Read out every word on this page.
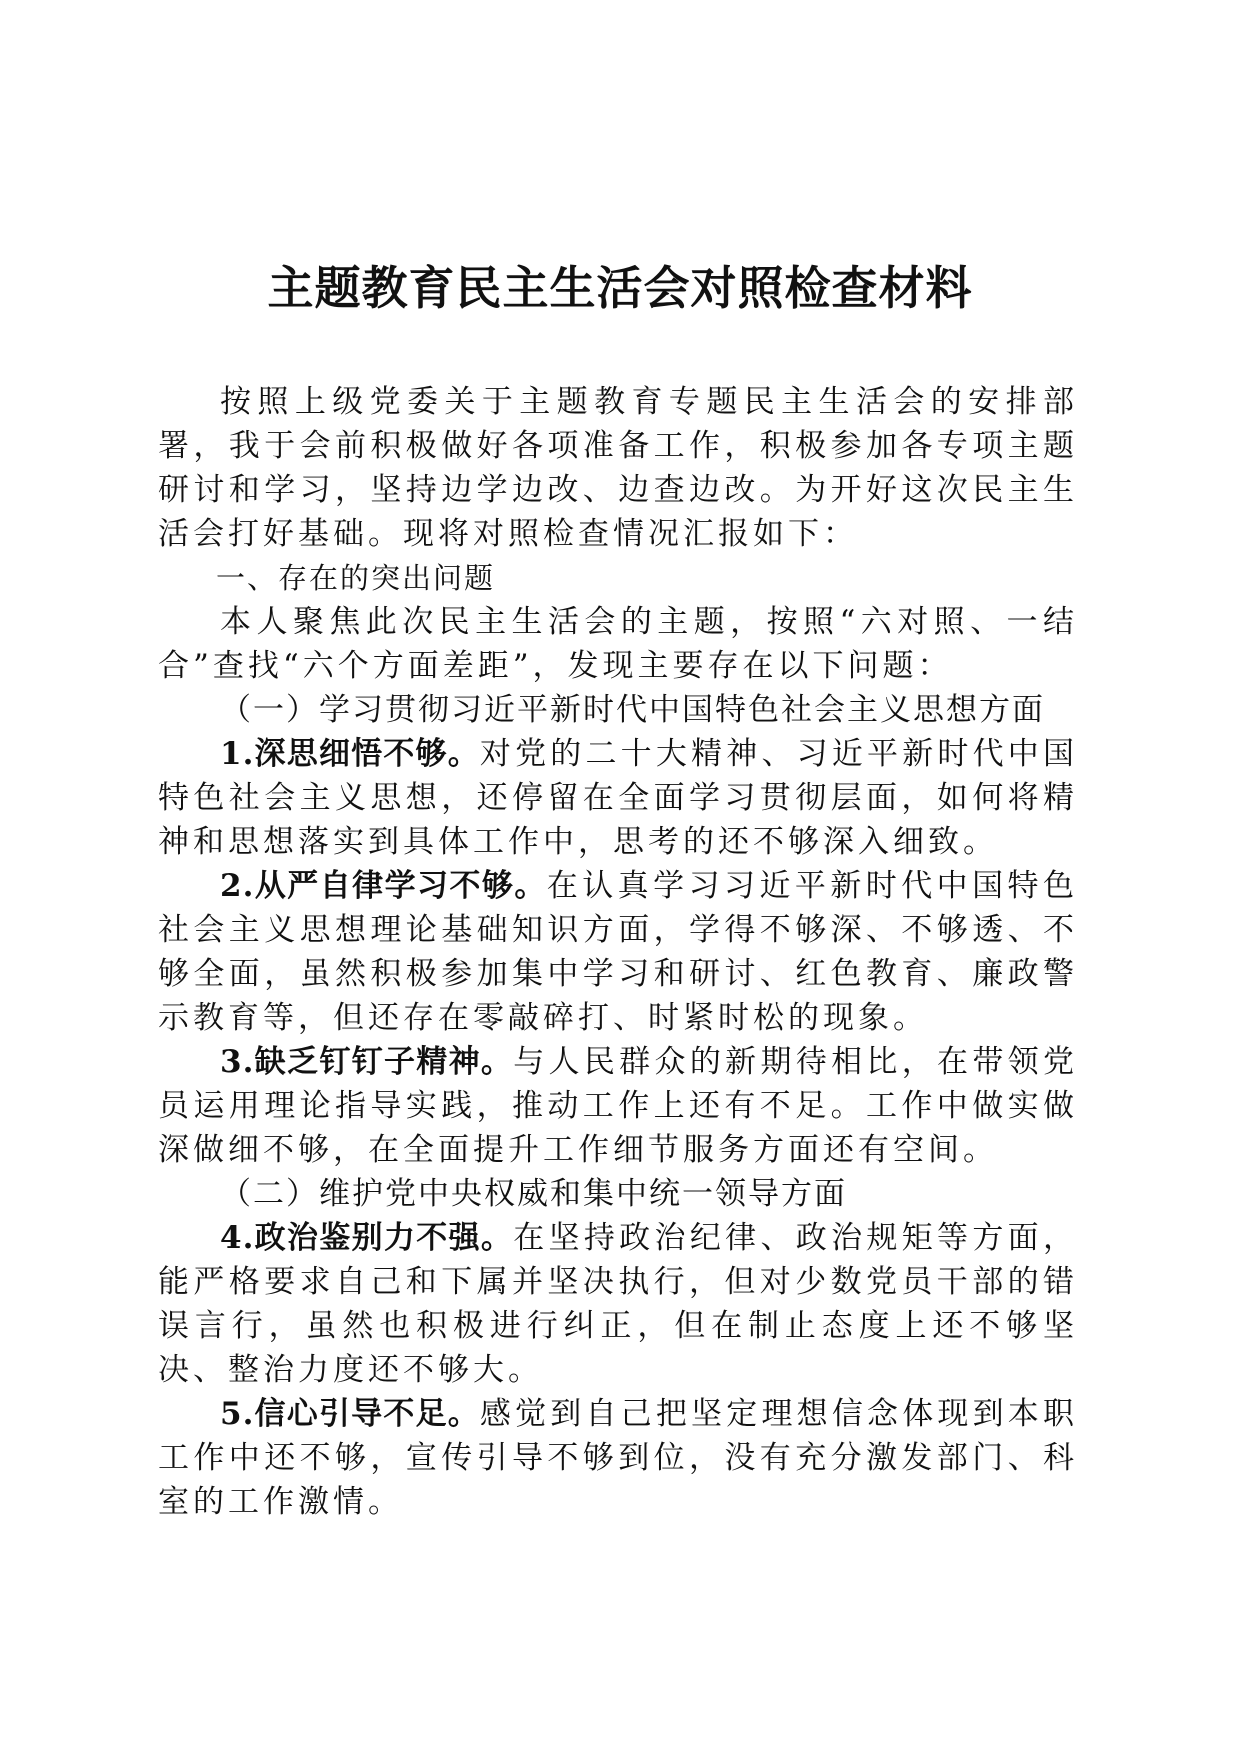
主题教育民主生活会对照检查材料

按照上级党委关于主题教育专题民主生活会的安排部署，我于会前积极做好各项准备工作，积极参加各专项主题研讨和学习，坚持边学边改、边查边改。为开好这次民主生活会打好基础。现将对照检查情况汇报如下：

一、存在的突出问题

本人聚焦此次民主生活会的主题，按照“六对照、一结合”查找“六个方面差距”，发现主要存在以下问题：

（一）学习贯彻习近平新时代中国特色社会主义思想方面

1.深思细悟不够。对党的二十大精神、习近平新时代中国特色社会主义思想，还停留在全面学习贯彻层面，如何将精神和思想落实到具体工作中，思考的还不够深入细致。

2.从严自律学习不够。在认真学习习近平新时代中国特色社会主义思想理论基础知识方面，学得不够深、不够透、不够全面，虽然积极参加集中学习和研讨、红色教育、廉政警示教育等，但还存在零敲碎打、时紧时松的现象。

3.缺乏钉钉子精神。与人民群众的新期待相比，在带领党员运用理论指导实践，推动工作上还有不足。工作中做实做深做细不够，在全面提升工作细节服务方面还有空间。

（二）维护党中央权威和集中统一领导方面

4.政治鉴别力不强。在坚持政治纪律、政治规矩等方面，能严格要求自己和下属并坚决执行，但对少数党员干部的错误言行，虽然也积极进行纠正，但在制止态度上还不够坚决、整治力度还不够大。

5.信心引导不足。感觉到自己把坚定理想信念体现到本职工作中还不够，宣传引导不够到位，没有充分激发部门、科室的工作激情。
